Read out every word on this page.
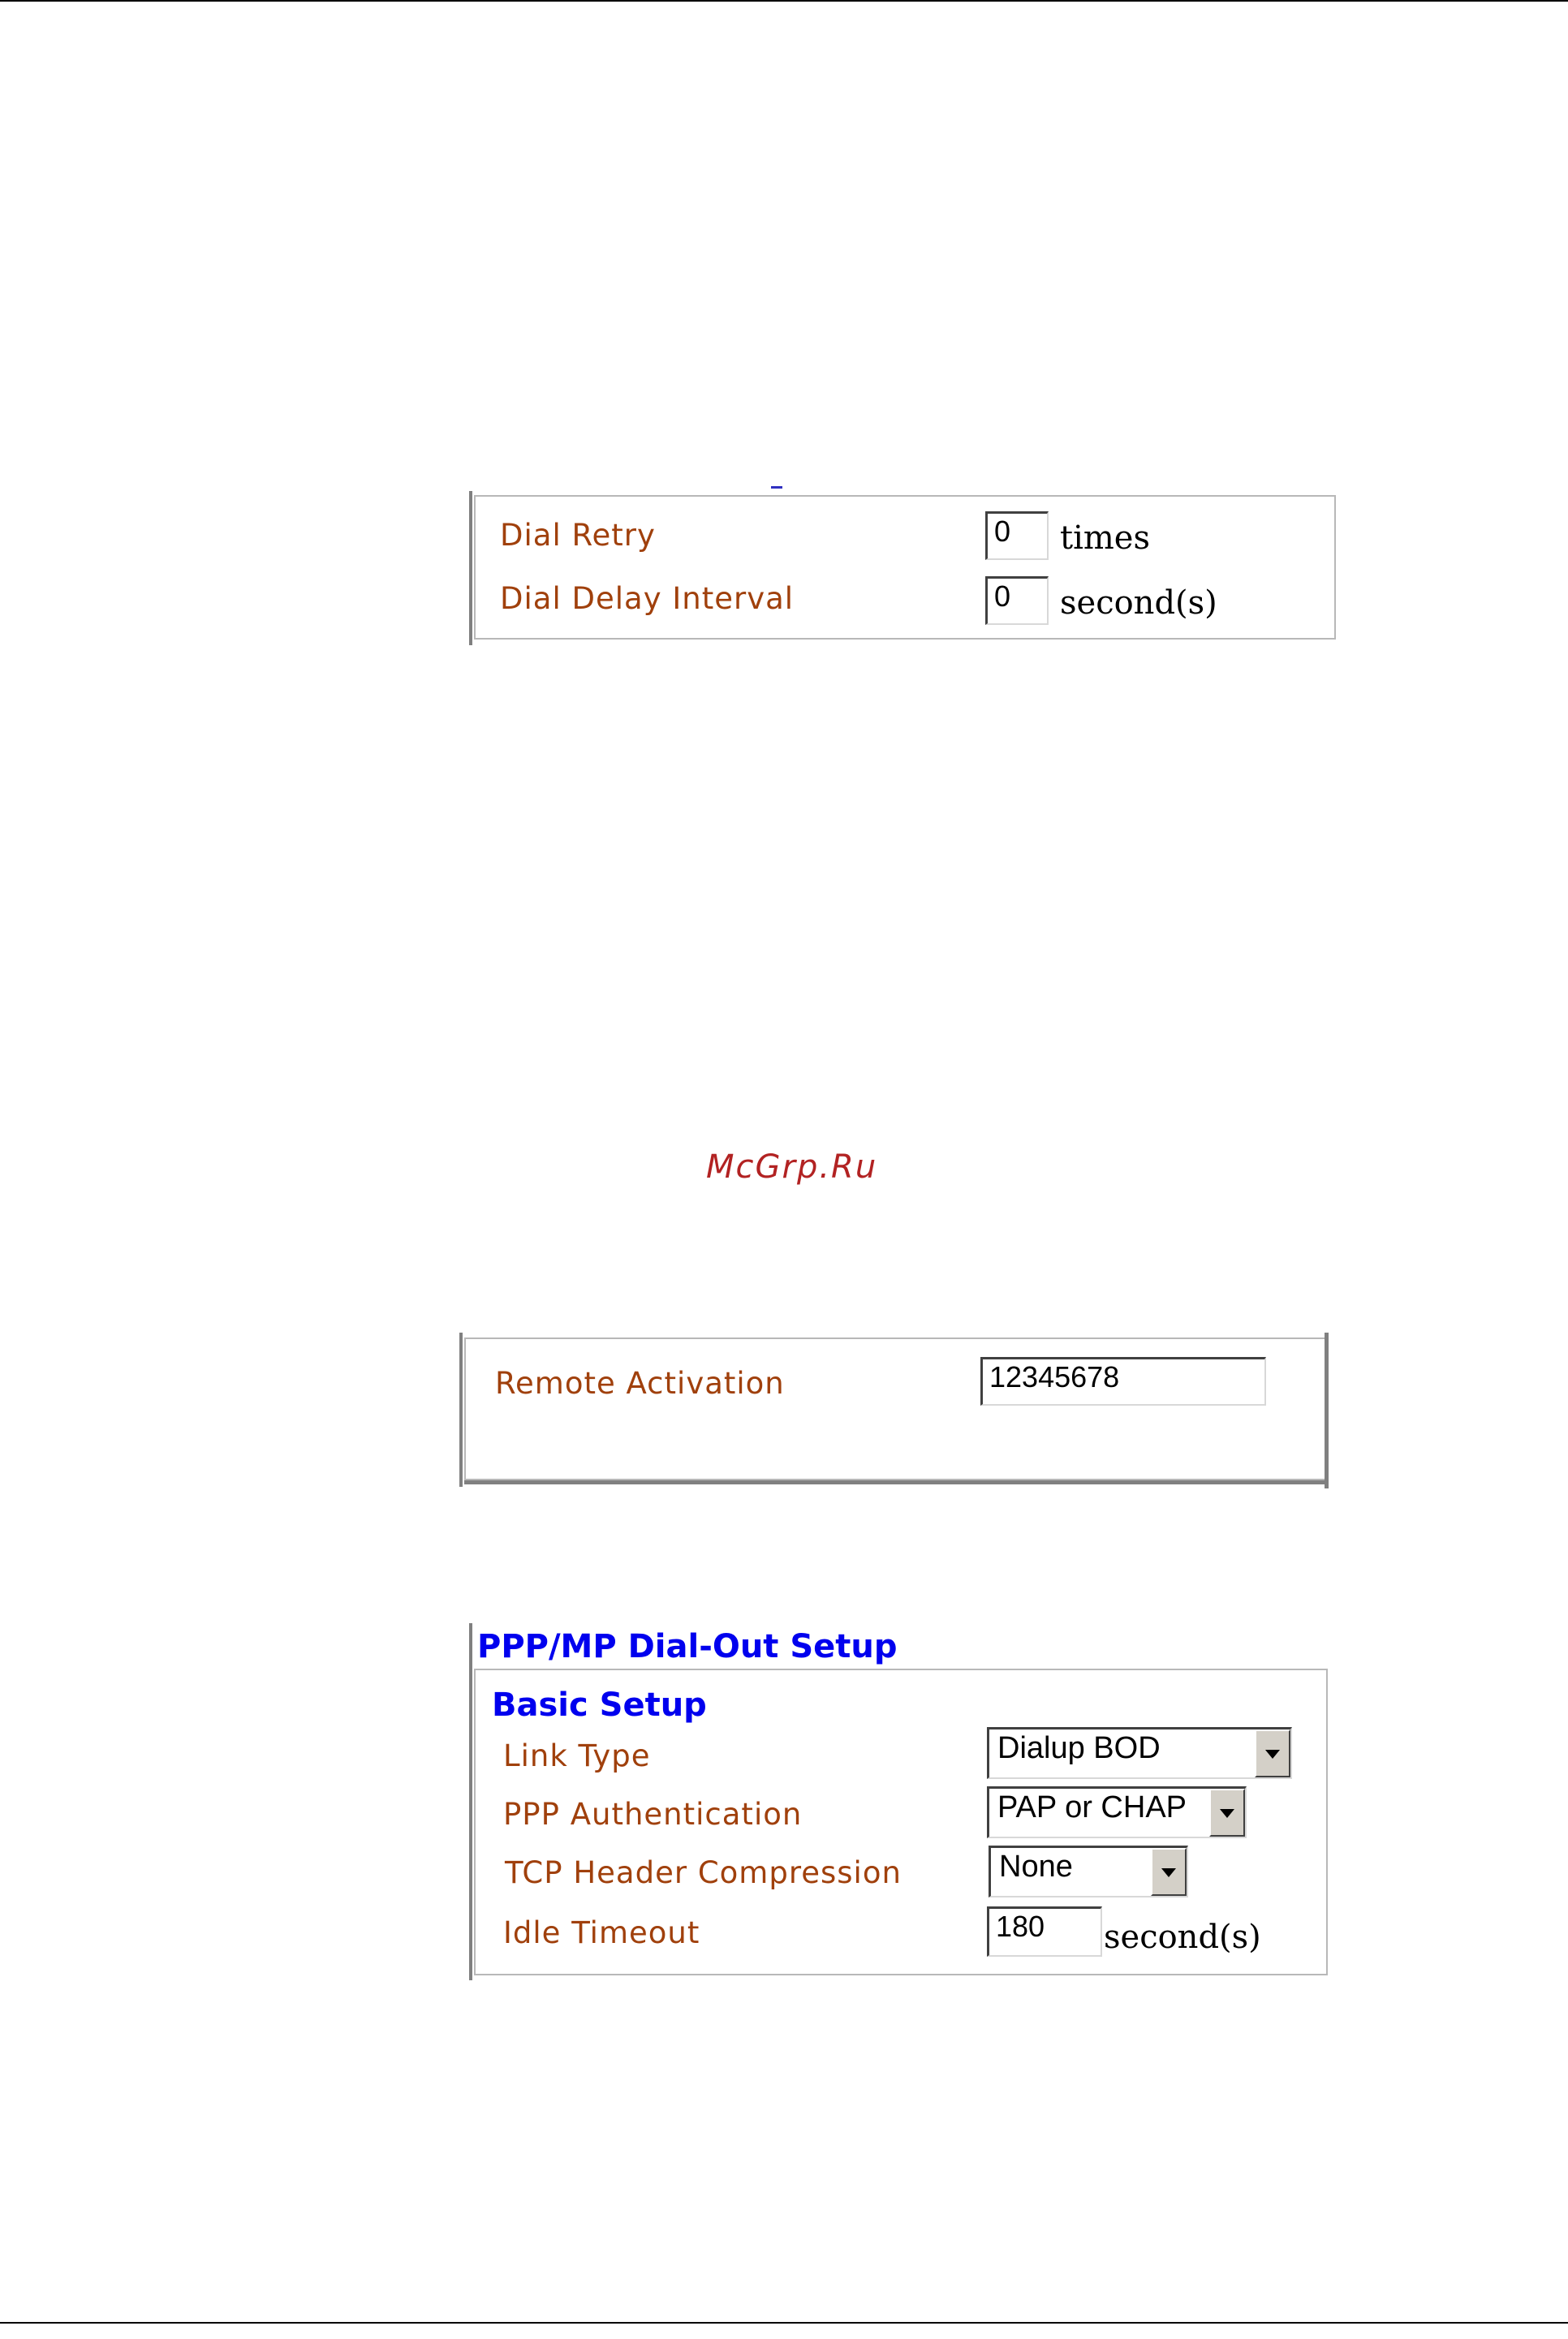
Dial Retry	0	times
Dial Delay Interval	0	second(s)
McGrp.Ru
Remote Activation	12345678
PPP/MP Dial-Out Setup
Basic Setup
Link Type	Dialup BOD
PPP Authentication	PAP or CHAP
TCP Header Compression	None
Idle Timeout	180	second(s)
